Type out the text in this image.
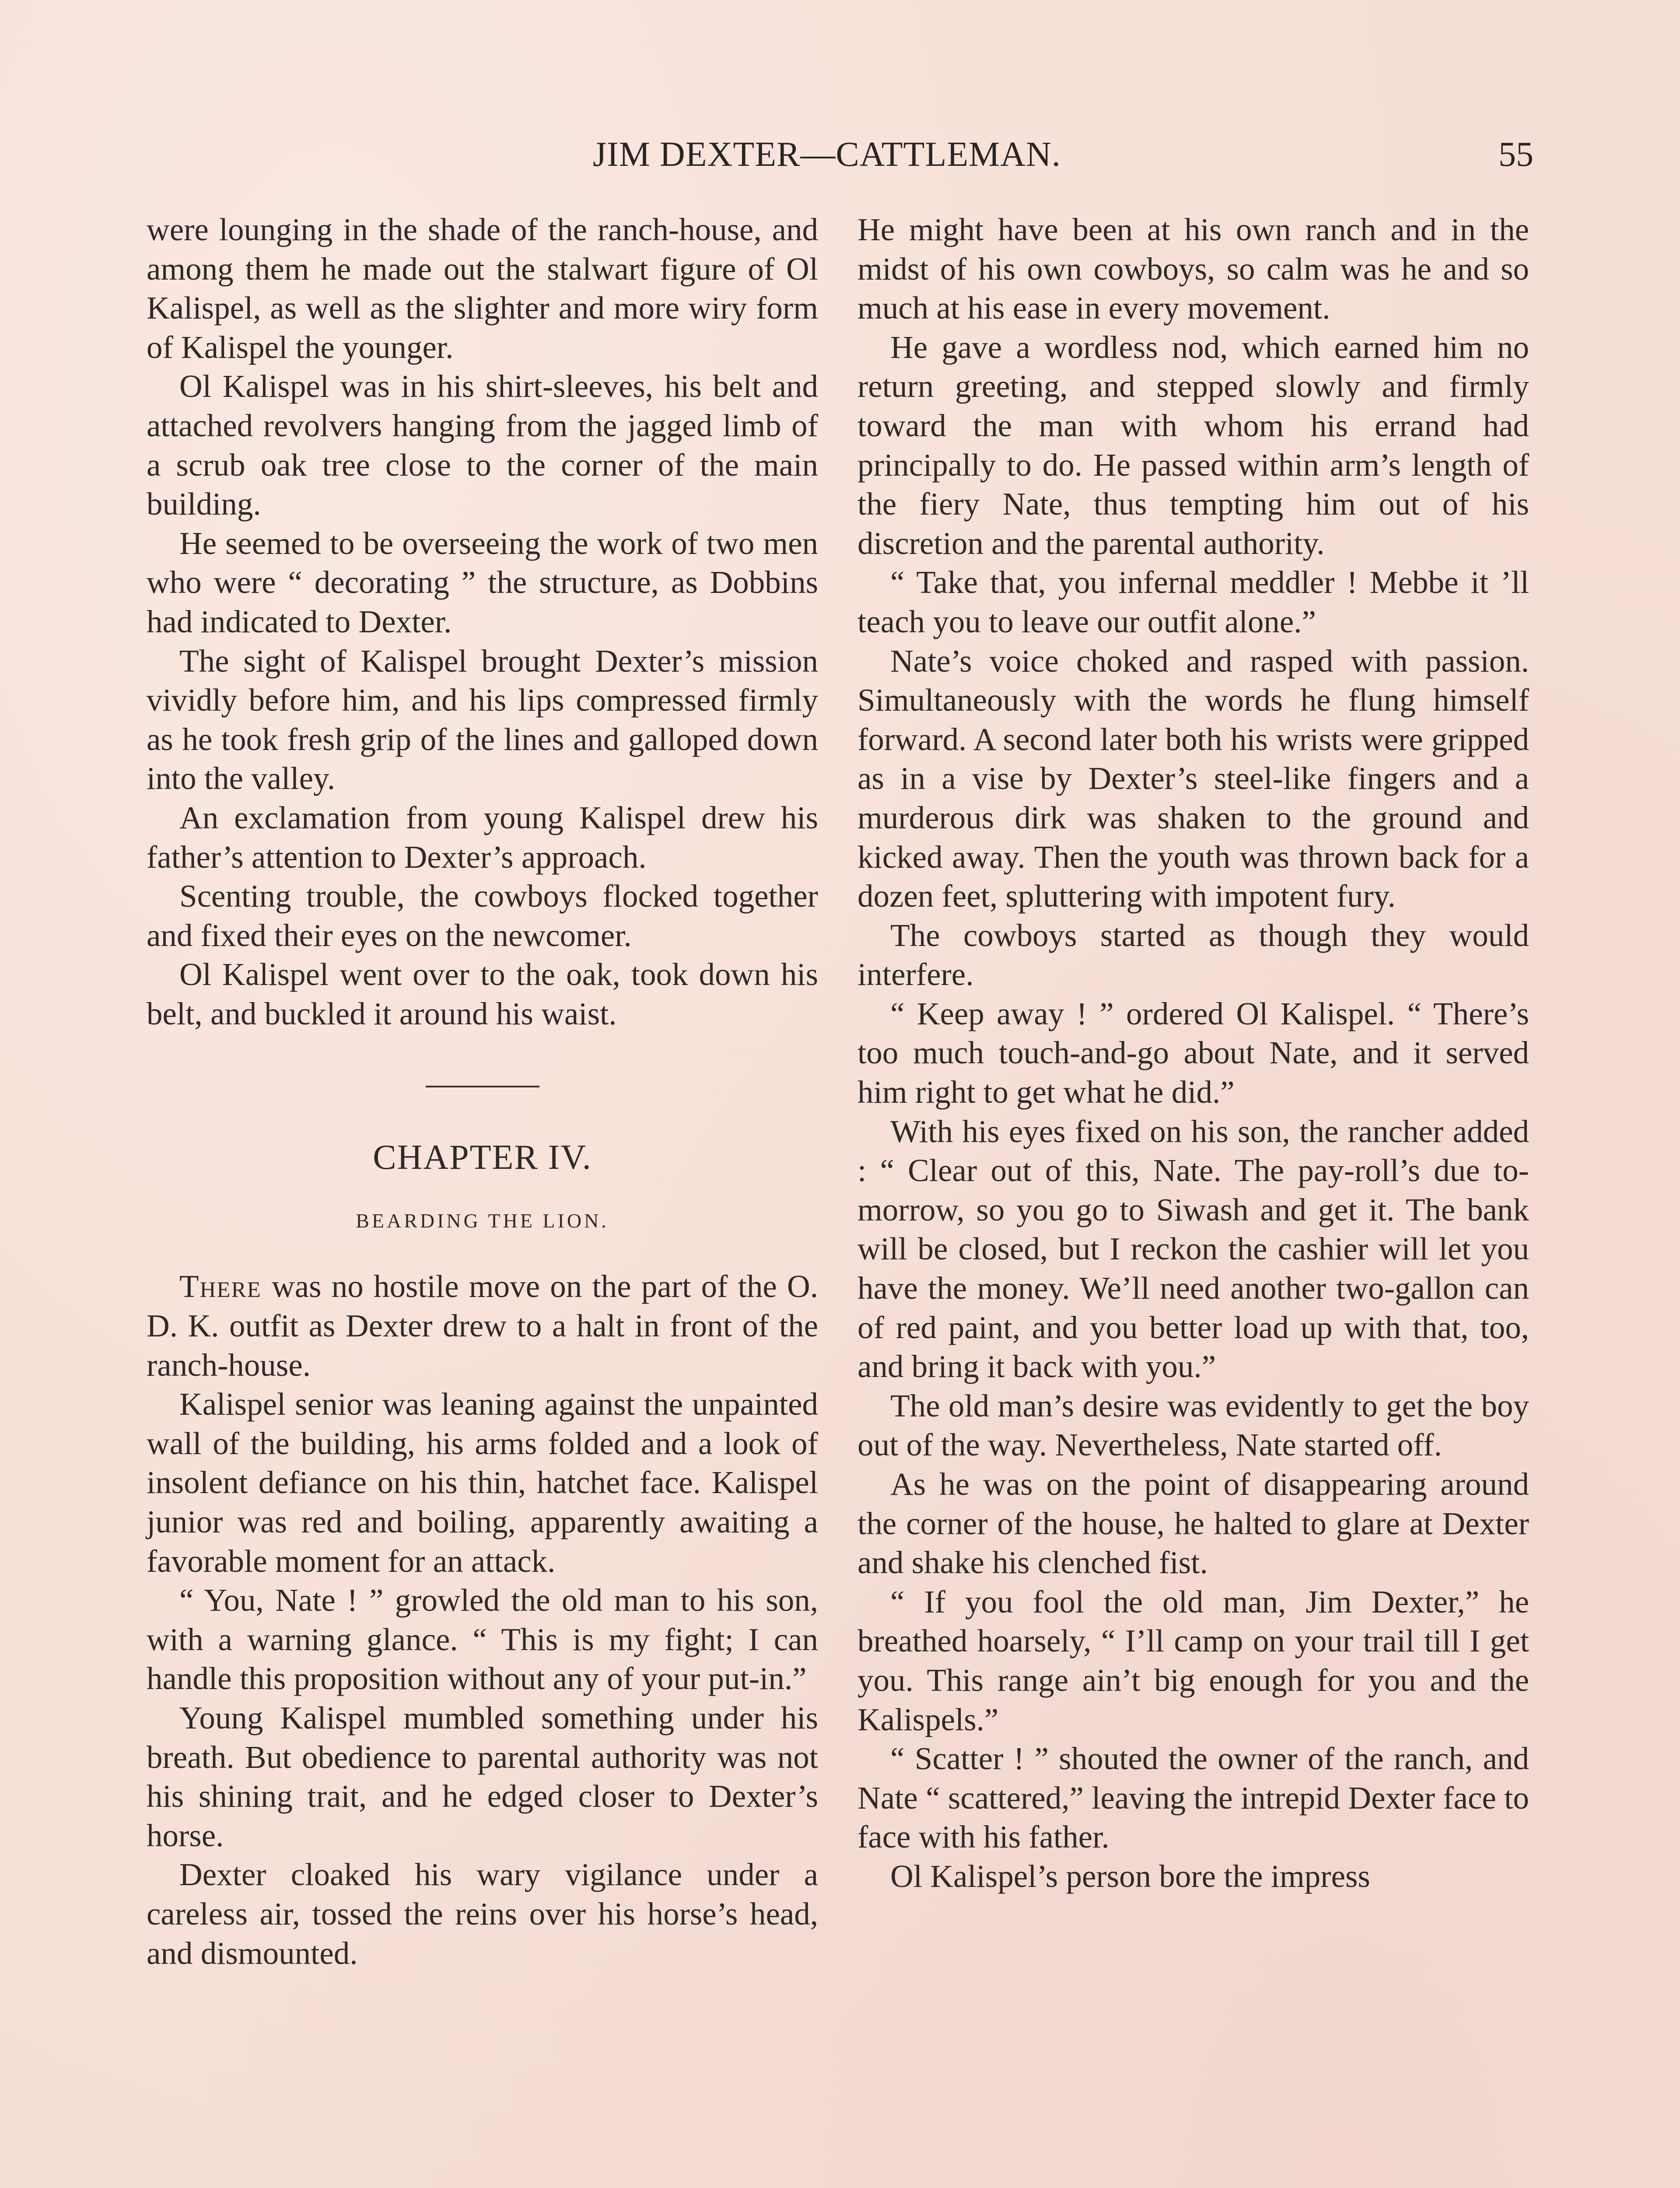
JIM DEXTER—CATTLEMAN.	55

were lounging in the shade of the ranch-house, and among them he made out the stalwart figure of Ol Kalispel, as well as the slighter and more wiry form of Kalispel the younger.

Ol Kalispel was in his shirt-sleeves, his belt and attached revolvers hanging from the jagged limb of a scrub oak tree close to the corner of the main building.

He seemed to be overseeing the work of two men who were “ decorating ” the structure, as Dobbins had indicated to Dexter.

The sight of Kalispel brought Dexter’s mission vividly before him, and his lips compressed firmly as he took fresh grip of the lines and galloped down into the valley.

An exclamation from young Kalispel drew his father’s attention to Dexter’s approach.

Scenting trouble, the cowboys flocked together and fixed their eyes on the newcomer.

Ol Kalispel went over to the oak, took down his belt, and buckled it around his waist.

CHAPTER IV.
BEARDING THE LION.

There was no hostile move on the part of the O. D. K. outfit as Dexter drew to a halt in front of the ranch-house.

Kalispel senior was leaning against the unpainted wall of the building, his arms folded and a look of insolent defiance on his thin, hatchet face. Kalispel junior was red and boiling, apparently awaiting a favorable moment for an attack.

“ You, Nate ! ” growled the old man to his son, with a warning glance. “ This is my fight; I can handle this proposition without any of your put-in.”

Young Kalispel mumbled something under his breath. But obedience to parental authority was not his shining trait, and he edged closer to Dexter’s horse.

Dexter cloaked his wary vigilance under a careless air, tossed the reins over his horse’s head, and dismounted.

He might have been at his own ranch and in the midst of his own cowboys, so calm was he and so much at his ease in every movement.

He gave a wordless nod, which earned him no return greeting, and stepped slowly and firmly toward the man with whom his errand had principally to do. He passed within arm’s length of the fiery Nate, thus tempting him out of his discretion and the parental authority.

“ Take that, you infernal meddler ! Mebbe it ’ll teach you to leave our outfit alone.”

Nate’s voice choked and rasped with passion. Simultaneously with the words he flung himself forward. A second later both his wrists were gripped as in a vise by Dexter’s steel-like fingers and a murderous dirk was shaken to the ground and kicked away. Then the youth was thrown back for a dozen feet, spluttering with impotent fury.

The cowboys started as though they would interfere.

“ Keep away ! ” ordered Ol Kalispel. “ There’s too much touch-and-go about Nate, and it served him right to get what he did.”

With his eyes fixed on his son, the rancher added : “ Clear out of this, Nate. The pay-roll’s due to-morrow, so you go to Siwash and get it. The bank will be closed, but I reckon the cashier will let you have the money. We’ll need another two-gallon can of red paint, and you better load up with that, too, and bring it back with you.”

The old man’s desire was evidently to get the boy out of the way. Nevertheless, Nate started off.

As he was on the point of disappearing around the corner of the house, he halted to glare at Dexter and shake his clenched fist.

“ If you fool the old man, Jim Dexter,” he breathed hoarsely, “ I’ll camp on your trail till I get you. This range ain’t big enough for you and the Kalispels.”

“ Scatter ! ” shouted the owner of the ranch, and Nate “ scattered,” leaving the intrepid Dexter face to face with his father.

Ol Kalispel’s person bore the impress
